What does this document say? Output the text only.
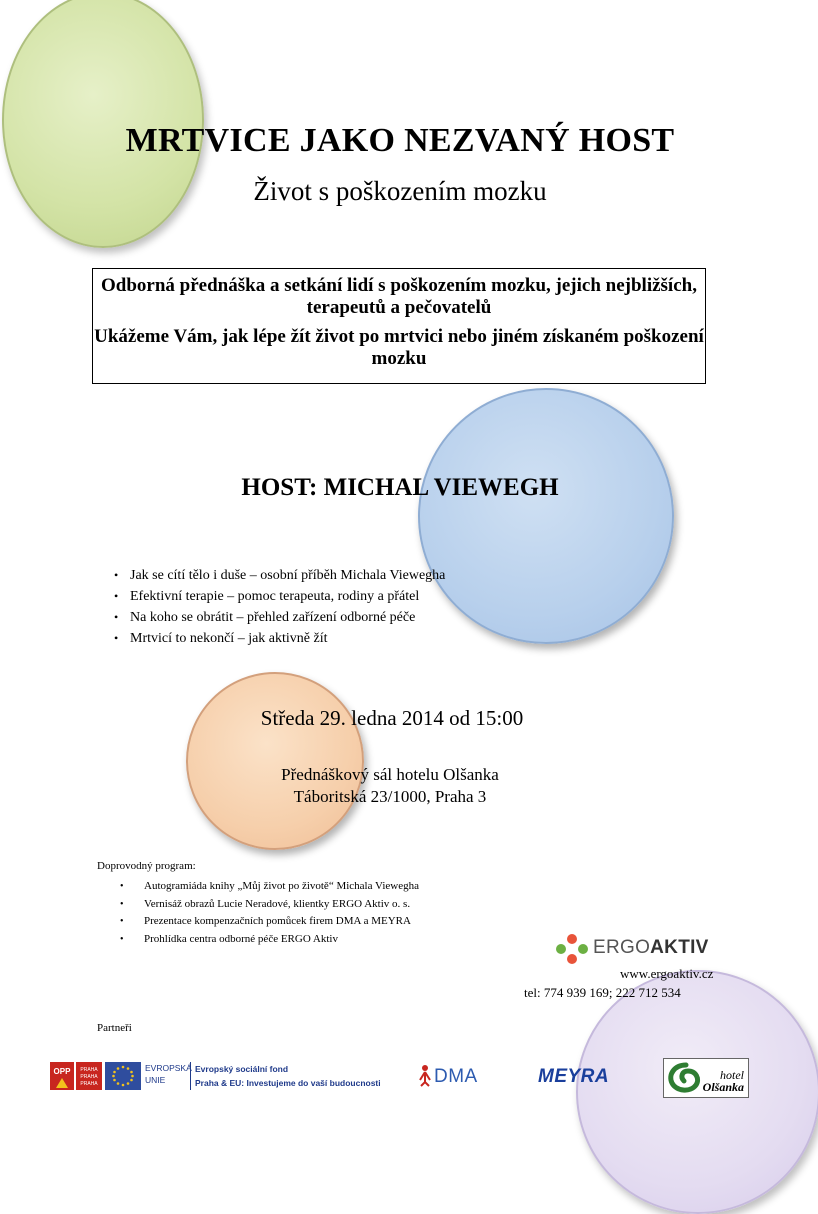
MRTVICE JAKO NEZVANÝ HOST
Život s poškozením mozku

Odborná přednáška a setkání lidí s poškozením mozku, jejich nejbližších, terapeutů a pečovatelů

Ukážeme Vám, jak lépe žít život po mrtvici nebo jiném získaném poškození mozku

HOST: MICHAL VIEWEGH
• Jak se cítí tělo i duše – osobní příběh Michala Viewegha
• Efektivní terapie – pomoc terapeuta, rodiny a přátel
• Na koho se obrátit – přehled zařízení odborné péče
• Mrtvicí to nekončí – jak aktivně žít
Středa 29. ledna 2014 od 15:00
Přednáškový sál hotelu Olšanka
Táboritská 23/1000, Praha 3
Doprovodný program:
• Autogramiáda knihy „Můj život po životě“ Michala Viewegha
• Vernisáž obrazů Lucie Neradové, klientky ERGO Aktiv o. s.
• Prezentace kompenzačních pomůcek firem DMA a MEYRA
• Prohlídka centra odborné péče ERGO Aktiv	ERGOAKTIV
www.ergoaktiv.cz
tel: 774 939 169; 222 712 534
Partneři
OPP PRAHA
PRAHA
PRAHA
EVROPSKÁ
UNIE
Evropský sociální fond
Praha & EU: Investujeme do vaší budoucnosti	DMA	MEYRA	hotel
Olšanka
